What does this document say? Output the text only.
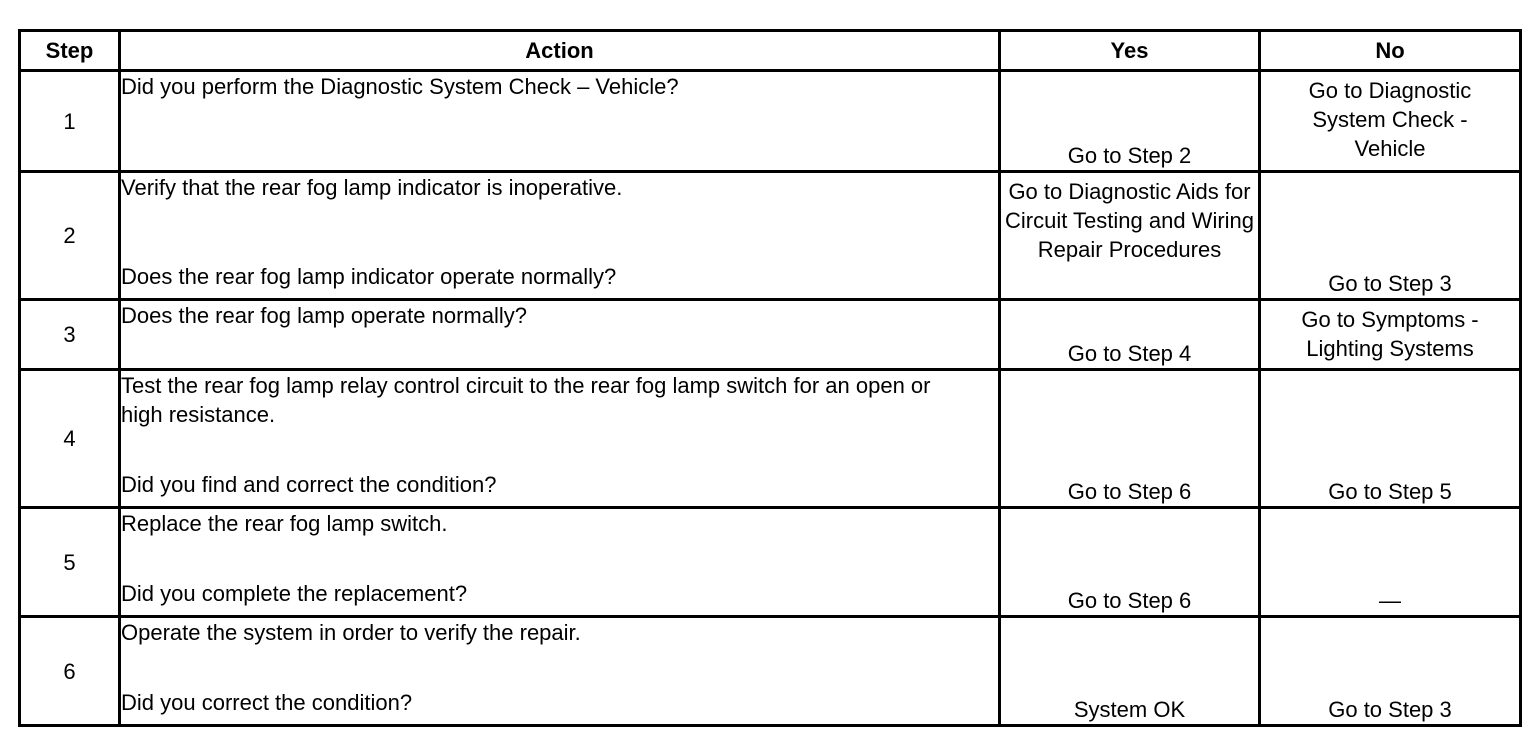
Step	Action	Yes	No
1	Did you perform the Diagnostic System Check – Vehicle?	Go to Step 2	Go to Diagnostic System Check - Vehicle

2	Verify that the rear fog lamp indicator is inoperative.
Does the rear fog lamp indicator operate normally?	Go to Diagnostic Aids for Circuit Testing and Wiring Repair Procedures	Go to Step 3

3	Does the rear fog lamp operate normally?	Go to Step 4	Go to Symptoms - Lighting Systems

4	Test the rear fog lamp relay control circuit to the rear fog lamp switch for an open or high resistance.
Did you find and correct the condition?	Go to Step 6	Go to Step 5

5	Replace the rear fog lamp switch.
Did you complete the replacement?	Go to Step 6	—

6	Operate the system in order to verify the repair.
Did you correct the condition?	System OK	Go to Step 3
